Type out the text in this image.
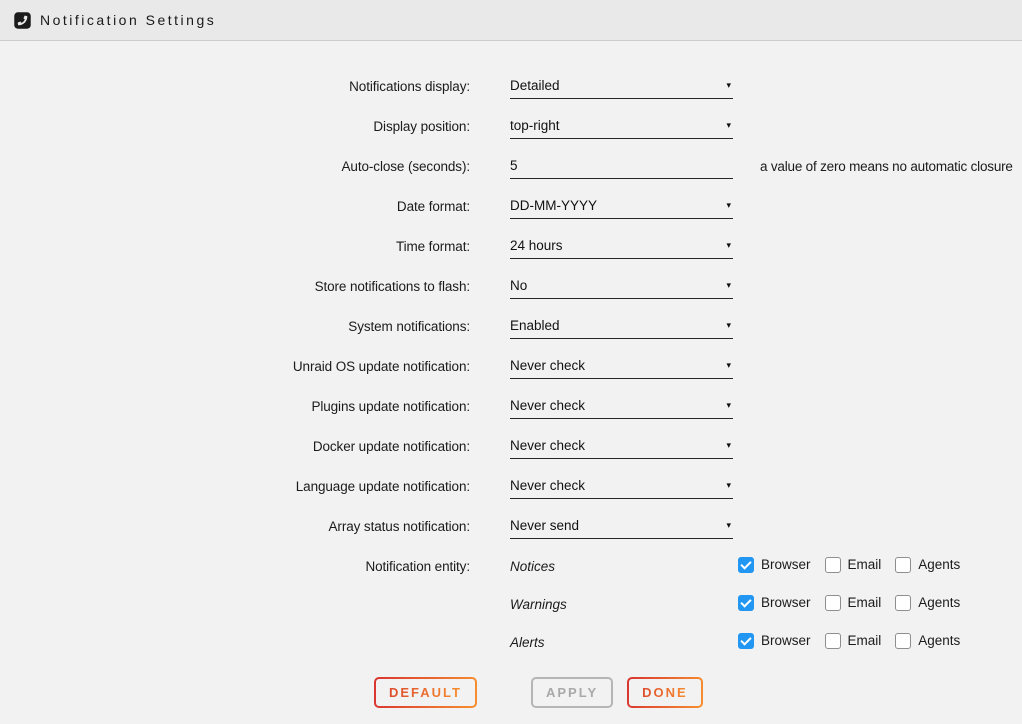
Notification Settings
Notifications display:	Detailed	▾
Display position:	top-right	▾
Auto-close (seconds):
5	a value of zero means no automatic closure
Date format:	DD-MM-YYYY	▾
Time format:	24 hours	▾
Store notifications to flash:	No	▾
System notifications:	Enabled	▾
Unraid OS update notification:	Never check	▾
Plugins update notification:	Never check	▾
Docker update notification:	Never check	▾
Language update notification:	Never check	▾
Array status notification:	Never send	▾
Notification entity:	Notices	Browser	Email	Agents
Warnings	Browser	Email	Agents
Alerts	Browser	Email	Agents
DEFAULT	APPLY	DONE
